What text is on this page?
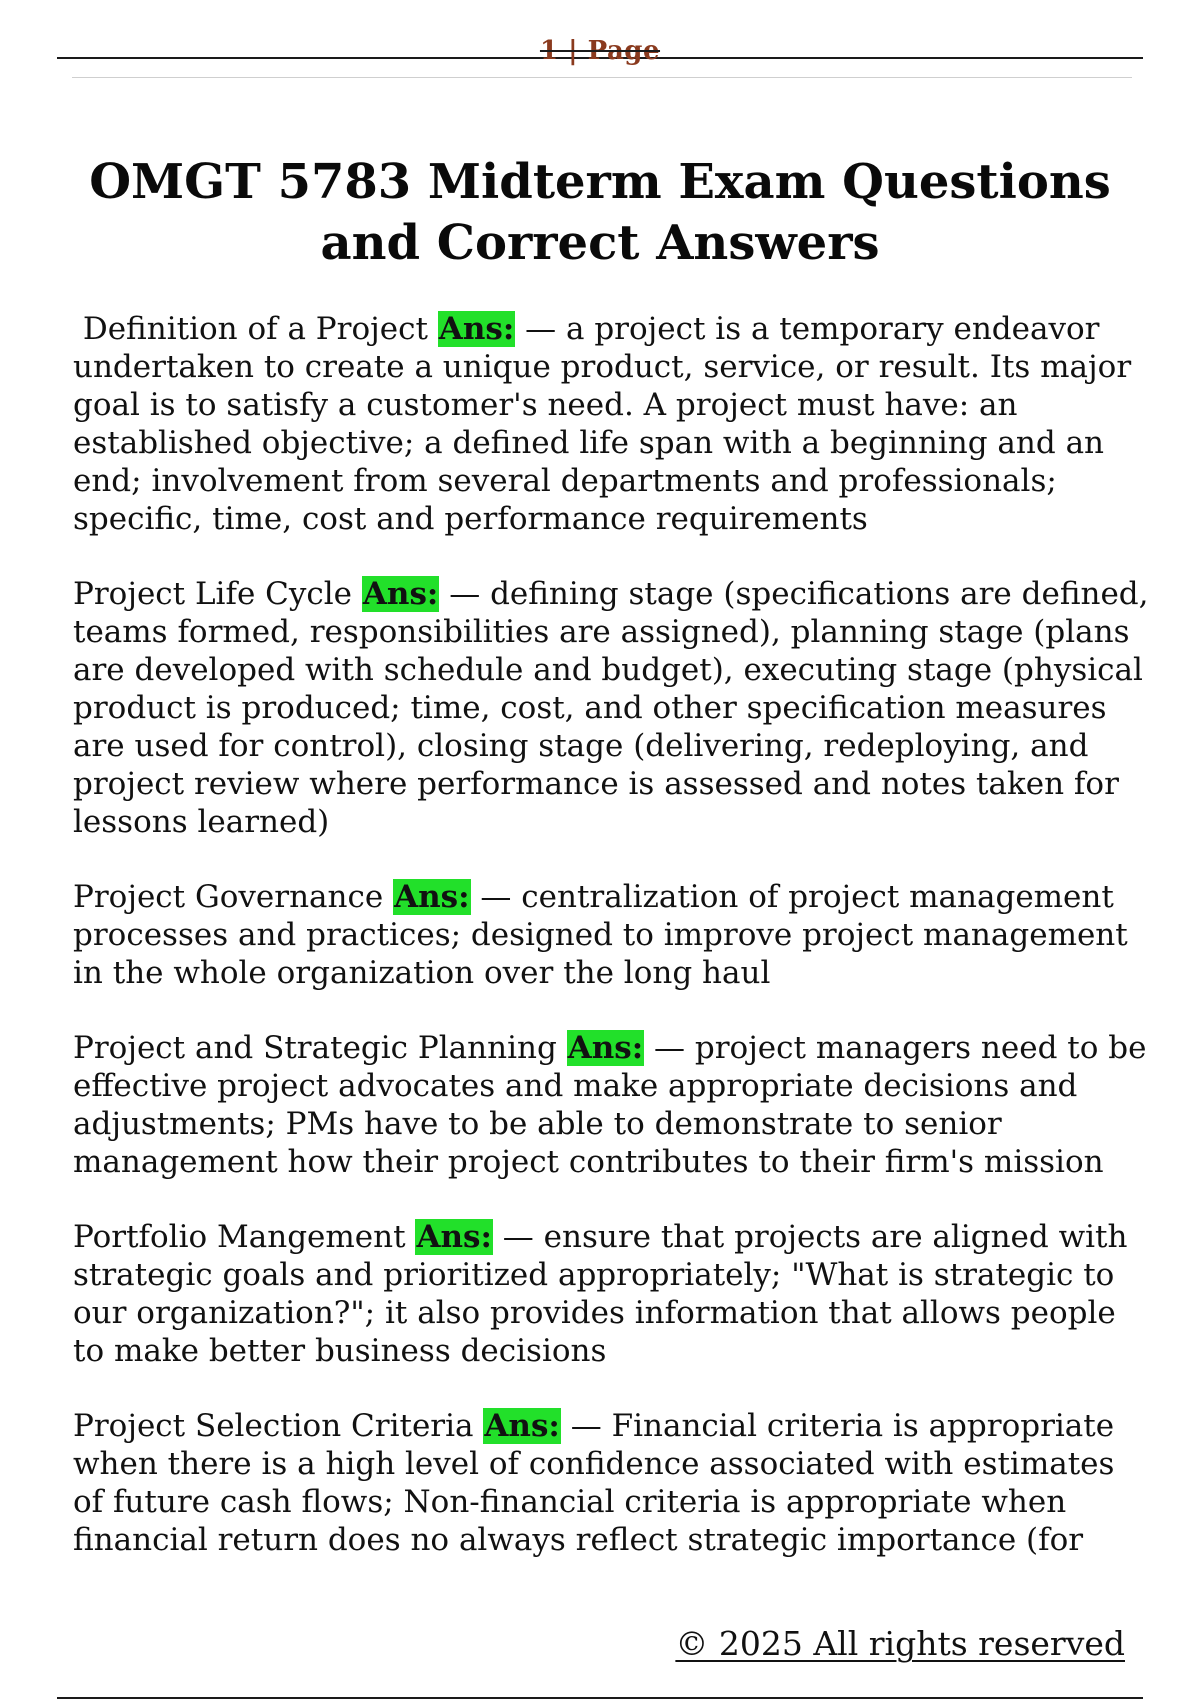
1 | Page
OMGT 5783 Midterm Exam Questions and Correct Answers

Definition of a Project Ans: — a project is a temporary endeavor undertaken to create a unique product, service, or result. Its major goal is to satisfy a customer's need. A project must have: an established objective; a defined life span with a beginning and an end; involvement from several departments and professionals; specific, time, cost and performance requirements

Project Life Cycle Ans: — defining stage (specifications are defined, teams formed, responsibilities are assigned), planning stage (plans are developed with schedule and budget), executing stage (physical product is produced; time, cost, and other specification measures are used for control), closing stage (delivering, redeploying, and project review where performance is assessed and notes taken for lessons learned)

Project Governance Ans: — centralization of project management processes and practices; designed to improve project management in the whole organization over the long haul

Project and Strategic Planning Ans: — project managers need to be effective project advocates and make appropriate decisions and adjustments; PMs have to be able to demonstrate to senior management how their project contributes to their firm's mission

Portfolio Mangement Ans: — ensure that projects are aligned with strategic goals and prioritized appropriately; "What is strategic to our organization?"; it also provides information that allows people to make better business decisions

Project Selection Criteria Ans: — Financial criteria is appropriate when there is a high level of confidence associated with estimates of future cash flows; Non-financial criteria is appropriate when financial return does no always reflect strategic importance (for

© 2025 All rights reserved
